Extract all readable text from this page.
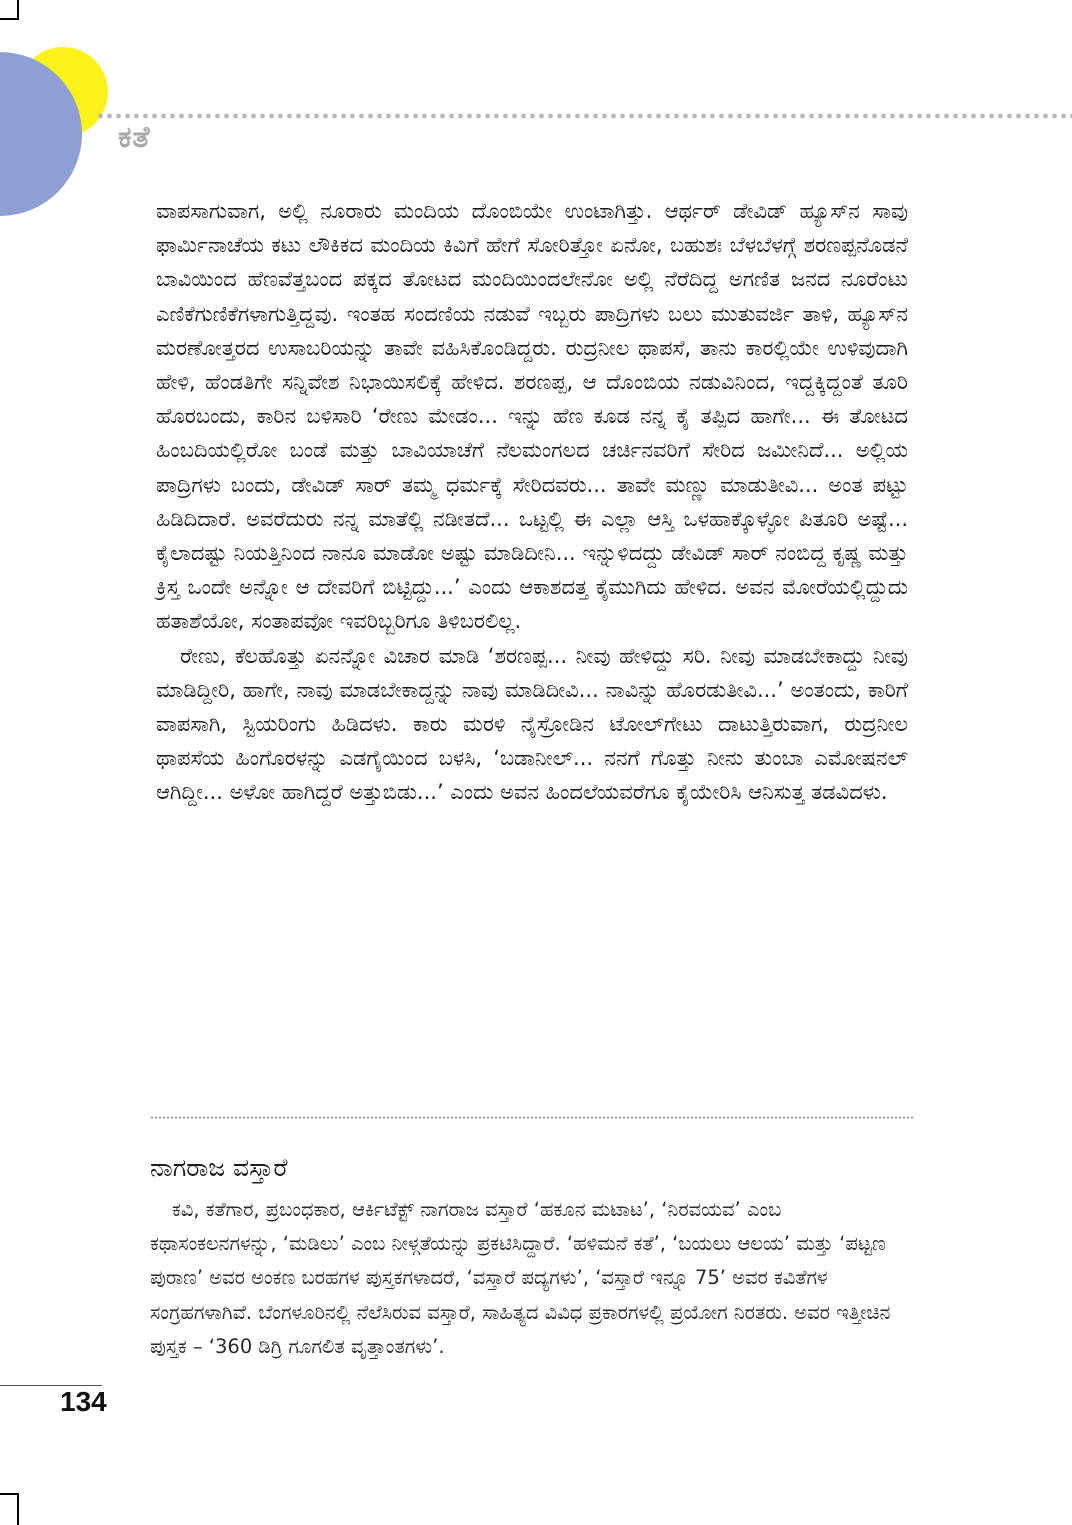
ಕತೆ

ವಾಪಸಾಗುವಾಗ, ಅಲ್ಲಿ ನೂರಾರು ಮಂದಿಯ ದೊಂಬಿಯೇ ಉಂಟಾಗಿತ್ತು. ಆರ್ಥರ್ ಡೇವಿಡ್ ಹ್ಯೂಸ್‌ನ ಸಾವು ಫಾರ್ಮಿನಾಚೆಯ ಕಟು ಲೌಕಿಕದ ಮಂದಿಯ ಕಿವಿಗೆ ಹೇಗೆ ಸೋರಿತ್ತೋ ಏನೋ, ಬಹುಶಃ ಬೆಳಬೆಳಗ್ಗೆ ಶರಣಪ್ಪನೊಡನೆ ಬಾವಿಯಿಂದ ಹೆಣವೆತ್ತಬಂದ ಪಕ್ಕದ ತೋಟದ ಮಂದಿಯಿಂದಲೇನೋ ಅಲ್ಲಿ ನೆರೆದಿದ್ದ ಅಗಣಿತ ಜನದ ನೂರೆಂಟು ಎಣಿಕೆಗುಣಿಕೆಗಳಾಗುತ್ತಿದ್ದವು. ಇಂತಹ ಸಂದಣಿಯ ನಡುವೆ ಇಬ್ಬರು ಪಾದ್ರಿಗಳು ಬಲು ಮುತುವರ್ಜಿ ತಾಳಿ, ಹ್ಯೂಸ್‌ನ ಮರಣೋತ್ತರದ ಉಸಾಬರಿಯನ್ನು ತಾವೇ ವಹಿಸಿಕೊಂಡಿದ್ದರು. ರುದ್ರನೀಲ ಥಾಪಸೆ, ತಾನು ಕಾರಲ್ಲಿಯೇ ಉಳಿವುದಾಗಿ ಹೇಳಿ, ಹೆಂಡತಿಗೇ ಸನ್ನಿವೇಶ ನಿಭಾಯಿಸಲಿಕ್ಕೆ ಹೇಳಿದ. ಶರಣಪ್ಪ, ಆ ದೊಂಬಿಯ ನಡುವಿನಿಂದ, ಇದ್ದಕ್ಕಿದ್ದಂತೆ ತೂರಿ ಹೊರಬಂದು, ಕಾರಿನ ಬಳಿಸಾರಿ ‘ರೇಣು ಮೇಡಂ... ಇನ್ನು ಹೆಣ ಕೂಡ ನನ್ನ ಕೈ ತಪ್ಪಿದ ಹಾಗೇ... ಈ ತೋಟದ ಹಿಂಬದಿಯಲ್ಲಿರೋ ಬಂಡೆ ಮತ್ತು ಬಾವಿಯಾಚೆಗೆ ನೆಲಮಂಗಲದ ಚರ್ಚಿನವರಿಗೆ ಸೇರಿದ ಜಮೀನಿದೆ... ಅಲ್ಲಿಯ ಪಾದ್ರಿಗಳು ಬಂದು, ಡೇವಿಡ್ ಸಾರ್ ತಮ್ಮ ಧರ್ಮಕ್ಕೆ ಸೇರಿದವರು... ತಾವೇ ಮಣ್ಣು ಮಾಡುತೀವಿ... ಅಂತ ಪಟ್ಟು ಹಿಡಿದಿದಾರೆ. ಅವರೆದುರು ನನ್ನ ಮಾತೆಲ್ಲಿ ನಡೀತದೆ... ಒಟ್ಟಲ್ಲಿ ಈ ಎಲ್ಲಾ ಆಸ್ತಿ ಒಳಹಾಕ್ಕೊಳ್ಳೋ ಪಿತೂರಿ ಅಷ್ಟೆ... ಕೈಲಾದಷ್ಟು ನಿಯತ್ತಿನಿಂದ ನಾನೂ ಮಾಡೋ ಅಷ್ಟು ಮಾಡಿದೀನಿ... ಇನ್ನುಳಿದದ್ದು ಡೇವಿಡ್ ಸಾರ್ ನಂಬಿದ್ದ ಕೃಷ್ಣ ಮತ್ತು ಕ್ರಿಸ್ತ ಒಂದೇ ಅನ್ನೋ ಆ ದೇವರಿಗೆ ಬಿಟ್ಟಿದ್ದು...’ ಎಂದು ಆಕಾಶದತ್ತ ಕೈಮುಗಿದು ಹೇಳಿದ. ಅವನ ಮೋರೆಯಲ್ಲಿದ್ದುದು ಹತಾಶೆಯೋ, ಸಂತಾಪವೋ ಇವರಿಬ್ಬರಿಗೂ ತಿಳಿಬರಲಿಲ್ಲ.

ರೇಣು, ಕೆಲಹೊತ್ತು ಏನನ್ನೋ ವಿಚಾರ ಮಾಡಿ ‘ಶರಣಪ್ಪ... ನೀವು ಹೇಳಿದ್ದು ಸರಿ. ನೀವು ಮಾಡಬೇಕಾದ್ದು ನೀವು ಮಾಡಿದ್ದೀರಿ, ಹಾಗೇ, ನಾವು ಮಾಡಬೇಕಾದ್ದನ್ನು ನಾವು ಮಾಡಿದೀವಿ... ನಾವಿನ್ನು ಹೊರಡುತೀವಿ...’ ಅಂತಂದು, ಕಾರಿಗೆ ವಾಪಸಾಗಿ, ಸ್ಟಿಯರಿಂಗು ಹಿಡಿದಳು. ಕಾರು ಮರಳಿ ನೈಸ್ರೋಡಿನ ಟೋಲ್‌ಗೇಟು ದಾಟುತ್ತಿರುವಾಗ, ರುದ್ರನೀಲ ಥಾಪಸೆಯ ಹಿಂಗೊರಳನ್ನು ಎಡಗೈಯಿಂದ ಬಳಸಿ, ‘ಬಡಾನೀಲ್... ನನಗೆ ಗೊತ್ತು ನೀನು ತುಂಬಾ ಎಮೋಷನಲ್ ಆಗಿದ್ದೀ... ಅಳೋ ಹಾಗಿದ್ದರೆ ಅತ್ತುಬಿಡು...’ ಎಂದು ಅವನ ಹಿಂದಲೆಯವರೆಗೂ ಕೈಯೇರಿಸಿ ಆನಿಸುತ್ತ ತಡವಿದಳು.

ನಾಗರಾಜ ವಸ್ತಾರೆ

ಕವಿ, ಕತೆಗಾರ, ಪ್ರಬಂಧಕಾರ, ಆರ್ಕಿಟೆಕ್ಟ್ ನಾಗರಾಜ ವಸ್ತಾರೆ ‘ಹಕೂನ ಮಟಾಟ’, ‘ನಿರವಯವ’ ಎಂಬ ಕಥಾಸಂಕಲನಗಳನ್ನು, ‘ಮಡಿಲು’ ಎಂಬ ನೀಳ್ಗತೆಯನ್ನು ಪ್ರಕಟಿಸಿದ್ದಾರೆ. ‘ಹಳಿಮನೆ ಕತೆ’, ‘ಬಯಲು ಆಲಯ’ ಮತ್ತು ‘ಪಟ್ಟಣ ಪುರಾಣ’ ಅವರ ಅಂಕಣ ಬರಹಗಳ ಪುಸ್ತಕಗಳಾದರೆ, ‘ವಸ್ತಾರೆ ಪದ್ಯಗಳು’, ‘ವಸ್ತಾರೆ ಇನ್ನೂ 75’ ಅವರ ಕವಿತೆಗಳ ಸಂಗ್ರಹಗಳಾಗಿವೆ. ಬೆಂಗಳೂರಿನಲ್ಲಿ ನೆಲೆಸಿರುವ ವಸ್ತಾರೆ, ಸಾಹಿತ್ಯದ ವಿವಿಧ ಪ್ರಕಾರಗಳಲ್ಲಿ ಪ್ರಯೋಗ ನಿರತರು. ಅವರ ಇತ್ತೀಚಿನ ಪುಸ್ತಕ – ‘360 ಡಿಗ್ರಿ ಗೂಗಲಿತ ವೃತ್ತಾಂತಗಳು’.

134
